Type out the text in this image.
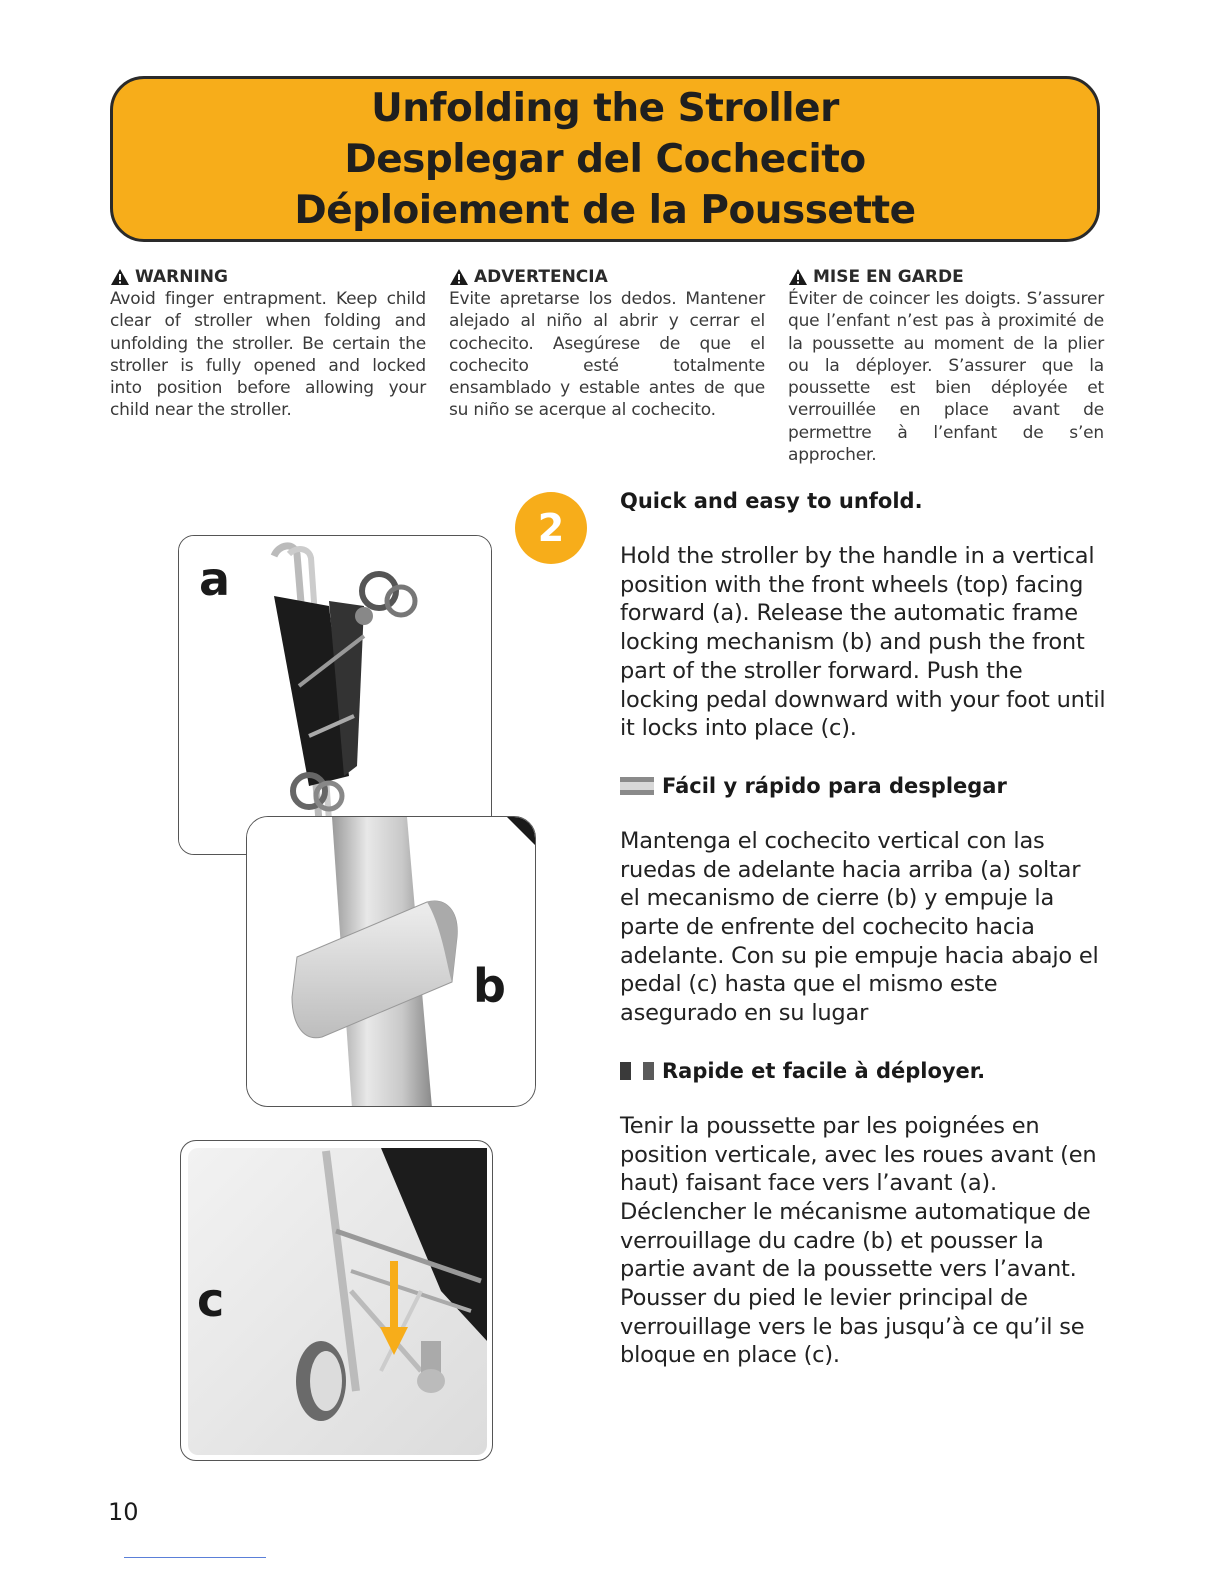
Unfolding the Stroller
Desplegar del Cochecito
Déploiement de la Poussette
WARNING

Avoid finger entrapment. Keep child clear of stroller when folding and unfolding the stroller. Be certain the stroller is fully opened and locked into position before allowing your child near the stroller.

ADVERTENCIA

Evite apretarse los dedos. Mantener alejado al niño al abrir y cerrar el cochecito. Asegúrese de que el cochecito esté totalmente ensamblado y estable antes de que su niño se acerque al cochecito.

MISE EN GARDE

Éviter de coincer les doigts. S’assurer que l’enfant n’est pas à proximité de la poussette au moment de la plier ou la déployer. S’assurer que la poussette est bien déployée et verrouillée en place avant de permettre à l’enfant de s’en approcher.

2
a
b
c
Quick and easy to unfold.

Hold the stroller by the handle in a vertical position with the front wheels (top) facing forward (a). Release the automatic frame locking mechanism (b) and push the front part of the stroller forward. Push the locking pedal downward with your foot until it locks into place (c).

Fácil y rápido para desplegar

Mantenga el cochecito vertical con las ruedas de adelante hacia arriba (a) soltar el mecanismo de cierre (b) y empuje la parte de enfrente del cochecito hacia adelante. Con su pie empuje hacia abajo el pedal (c) hasta que el mismo este asegurado en su lugar

Rapide et facile à déployer.

Tenir la poussette par les poignées en position verticale, avec les roues avant (en haut) faisant face vers l’avant (a). Déclencher le mécanisme automatique de verrouillage du cadre (b) et pousser la partie avant de la poussette vers l’avant. Pousser du pied le levier principal de verrouillage vers le bas jusqu’à ce qu’il se bloque en place (c).

10
